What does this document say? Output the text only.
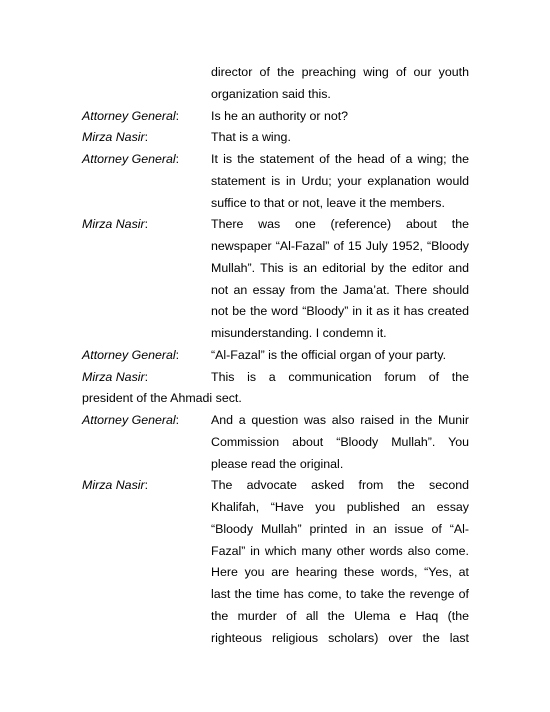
director of the preaching wing of our youth
organization said this.
Attorney General:	Is he an authority or not?
Mirza Nasir:	That is a wing.
Attorney General:	It is the statement of the head of a wing; the
statement is in Urdu; your explanation would
suffice to that or not, leave it the members.
Mirza Nasir:	There was one (reference) about the
newspaper “Al-Fazal” of 15 July 1952, “Bloody
Mullah”. This is an editorial by the editor and
not an essay from the Jama’at. There should
not be the word “Bloody” in it as it has created
misunderstanding. I condemn it.
Attorney General:	“Al-Fazal” is the official organ of your party.
Mirza Nasir:	This is a communication forum of the
president of the Ahmadi sect.
Attorney General:	And a question was also raised in the Munir
Commission about “Bloody Mullah”. You
please read the original.
Mirza Nasir:	The advocate asked from the second
Khalifah, “Have you published an essay
“Bloody Mullah” printed in an issue of “Al-
Fazal” in which many other words also come.
Here you are hearing these words, “Yes, at
last the time has come, to take the revenge of
the murder of all the Ulema e Haq (the
righteous religious scholars) over the last
